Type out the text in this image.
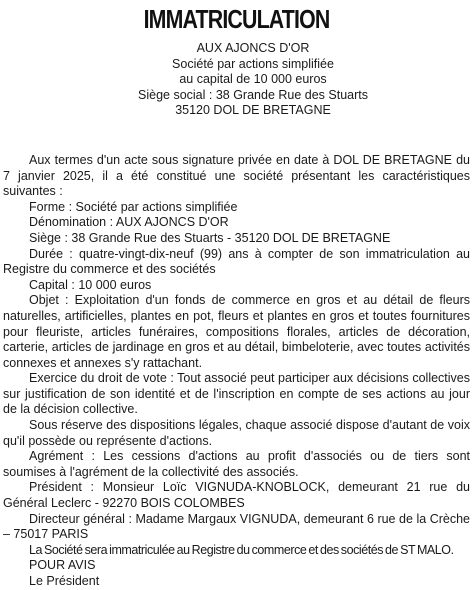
IMMATRICULATION
AUX AJONCS D'OR
Société par actions simplifiée
au capital de 10 000 euros
Siège social : 38 Grande Rue des Stuarts
35120 DOL DE BRETAGNE

Aux termes d'un acte sous signature privée en date à DOL DE BRETAGNE du 7 janvier 2025, il a été constitué une société présentant les caractéristiques suivantes :

Forme : Société par actions simplifiée

Dénomination : AUX AJONCS D'OR

Siège : 38 Grande Rue des Stuarts - 35120 DOL DE BRETAGNE

Durée : quatre-vingt-dix-neuf (99) ans à compter de son immatriculation au Registre du commerce et des sociétés

Capital : 10 000 euros

Objet : Exploitation d'un fonds de commerce en gros et au détail de fleurs naturelles, artificielles, plantes en pot, fleurs et plantes en gros et toutes fournitures pour fleuriste, articles funéraires, compositions florales, articles de décoration, carterie, articles de jardinage en gros et au détail, bimbeloterie, avec toutes activités connexes et annexes s'y rattachant.

Exercice du droit de vote : Tout associé peut participer aux décisions collectives sur justification de son identité et de l'inscription en compte de ses actions au jour de la décision collective.

Sous réserve des dispositions légales, chaque associé dispose d'autant de voix qu'il possède ou représente d'actions.

Agrément : Les cessions d'actions au profit d'associés ou de tiers sont soumises à l'agrément de la collectivité des associés.

Président : Monsieur Loïc VIGNUDA-KNOBLOCK, demeurant 21 rue du Général Leclerc - 92270 BOIS COLOMBES

Directeur général : Madame Margaux VIGNUDA, demeurant 6 rue de la Crèche – 75017 PARIS

La Société sera immatriculée au Registre du commerce et des sociétés de ST MALO.

POUR AVIS

Le Président
